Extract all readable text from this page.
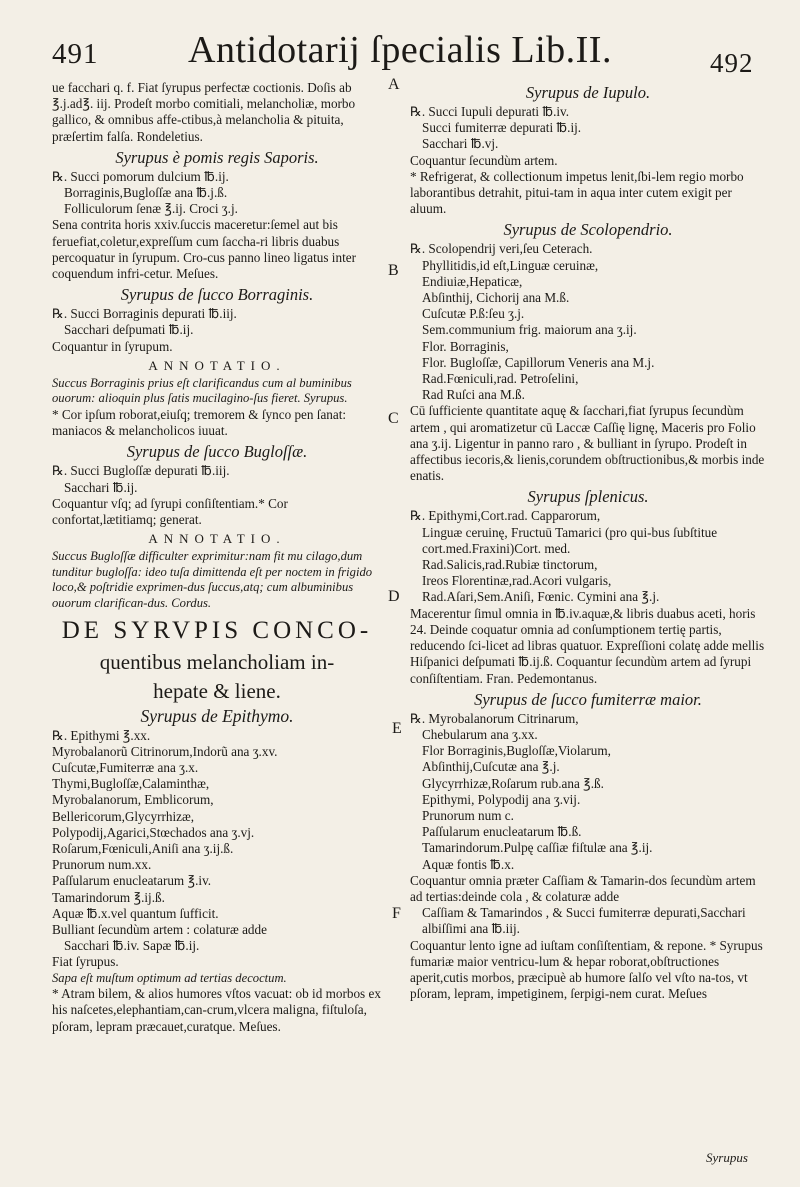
491	Antidotarij ſpecialis Lib.II.	492
ue facchari q. f. Fiat ſyrupus perfectæ coctionis. Doſis ab ℥.j.ad℥. iij. Prodeſt morbo comitiali, melancholiæ, morbo gallico, & omnibus affe-ctibus,à melancholia & pituita, præſertim falſa. Rondeletius.
Syrupus è pomis regis Saporis.
℞. Succi pomorum dulcium ℔.ij.
Borraginis,Bugloſſæ ana ℔.j.ß.
Folliculorum ſenæ ℥.ij. Croci ʒ.j.
Sena contrita horis xxiv.ſuccis maceretur:ſemel aut bis feruefiat,coletur,expreſſum cum ſaccha-ri libris duabus percoquatur in ſyrupum. Cro-cus panno lineo ligatus inter coquendum infri-cetur. Meſues.
Syrupus de ſucco Borraginis.
℞. Succi Borraginis depurati ℔.iij.
Sacchari deſpumati ℔.ij.
Coquantur in ſyrupum.
ANNOTATIO.
Succus Borraginis prius eſt clarificandus cum al buminibus ouorum: alioquin plus ſatis mucilagino-ſus fieret. Syrupus.
* Cor ipſum roborat,eiuſq; tremorem & ſynco pen ſanat: maniacos & melancholicos iuuat.
Syrupus de ſucco Bugloſſæ.
℞. Succi Bugloſſæ depurati ℔.iij.
Sacchari ℔.ij.
Coquantur vſq; ad ſyrupi conſiſtentiam.* Cor confortat,lætitiamq; generat.
ANNOTATIO.
Succus Bugloſſæ difficulter exprimitur:nam fit mu cilago,dum tunditur bugloſſa: ideo tuſa dimittenda eſt per noctem in frigido loco,& poſtridie exprimen-dus ſuccus,atq; cum albuminibus ouorum clarifican-dus. Cordus.
DE SYRVPIS CONCO-
quentibus melancholiam in-
hepate & liene.
Syrupus de Epithymo.
℞. Epithymi ℥.xx.
Myrobalanorũ Citrinorum,Indorũ ana ʒ.xv.
Cuſcutæ,Fumiterræ ana ʒ.x.
Thymi,Bugloſſæ,Calaminthæ,
Myrobalanorum, Emblicorum,
Bellericorum,Glycyrrhizæ,
Polypodij,Agarici,Stœchados ana ʒ.vj.
Roſarum,Fœniculi,Aniſi ana ʒ.ij.ß.
Prunorum num.xx.
Paſſularum enucleatarum ℥.iv.
Tamarindorum ℥.ij.ß.
Aquæ ℔.x.vel quantum ſufficit.
Bulliant ſecundùm artem : colaturæ adde
Sacchari ℔.iv. Sapæ ℔.ij.
Fiat ſyrupus.
Sapa eſt muſtum optimum ad tertias decoctum.
* Atram bilem, & alios humores vſtos vacuat: ob id morbos ex his naſcetes,elephantiam,can-crum,vlcera maligna, fiſtuloſa, pſoram, lepram præcauet,curatque. Meſues.
Syrupus de Iupulo.
℞. Succi Iupuli depurati ℔.iv.
Succi fumiterræ depurati ℔.ij.
Sacchari ℔.vj.
Coquantur ſecundùm artem.
* Refrigerat, & collectionum impetus lenit,ſbi-lem regio morbo laborantibus detrahit, pitui-tam in aqua inter cutem exigit per aluum.
Syrupus de Scolopendrio.
℞. Scolopendrij veri,ſeu Ceterach.
Phyllitidis,id eſt,Linguæ ceruinæ,
Endiuiæ,Hepaticæ,
Abſinthij, Cichorij ana M.ß.
Cuſcutæ P.ß:ſeu ʒ.j.
Sem.communium frig. maiorum ana ʒ.ij.
Flor. Borraginis,
Flor. Bugloſſæ, Capillorum Veneris ana M.j.
Rad.Fœniculi,rad. Petroſelini,
Rad Ruſci ana M.ß.
Cū ſufficiente quantitate aquę & ſacchari,fiat ſyrupus ſecundùm artem , qui aromatizetur cū Laccæ Caſſię lignę, Maceris pro Folio ana ʒ.ij. Ligentur in panno raro , & bulliant in ſyrupo. Prodeſt in affectibus iecoris,& lienis,corundem obſtructionibus,& morbis inde enatis.
Syrupus ſplenicus.
℞. Epithymi,Cort.rad. Capparorum,
Linguæ ceruinę, Fructuū Tamarici (pro qui-bus ſubſtitue cort.med.Fraxini)Cort. med.
Rad.Salicis,rad.Rubiæ tinctorum,
Ireos Florentinæ,rad.Acori vulgaris,
Rad.Aſari,Sem.Aniſi, Fœnic. Cymini ana ℥.j.
Macerentur ſimul omnia in ℔.iv.aquæ,& libris duabus aceti, horis 24. Deinde coquatur omnia ad conſumptionem tertię partis, reducendo ſci-licet ad libras quatuor. Expreſſioni colatę adde mellis Hiſpanici deſpumati ℔.ij.ß. Coquantur ſecundùm artem ad ſyrupi conſiſtentiam. Fran. Pedemontanus.
Syrupus de ſucco fumiterræ maior.
℞. Myrobalanorum Citrinarum,
Chebularum ana ʒ.xx.
Flor Borraginis,Bugloſſæ,Violarum,
Abſinthij,Cuſcutæ ana ℥.j.
Glycyrrhizæ,Roſarum rub.ana ℥.ß.
Epithymi, Polypodij ana ʒ.vij.
Prunorum num c.
Paſſularum enucleatarum ℔.ß.
Tamarindorum.Pulpę caſſiæ fiſtulæ ana ℥.ij.
Aquæ fontis ℔.x.
Coquantur omnia præter Caſſiam & Tamarin-dos ſecundùm artem ad tertias:deinde cola , & colaturæ adde
Caſſiam & Tamarindos , & Succi fumiterræ depurati,Sacchari albiſſimi ana ℔.iij.
Coquantur lento igne ad iuſtam conſiſtentiam, & repone. * Syrupus fumariæ maior ventricu-lum & hepar roborat,obſtructiones aperit,cutis morbos, præcipuè ab humore ſalſo vel vſto na-tos, vt pſoram, lepram, impetiginem, ſerpigi-nem curat. Meſues
A
B
C
D
E
F
Syrupus
